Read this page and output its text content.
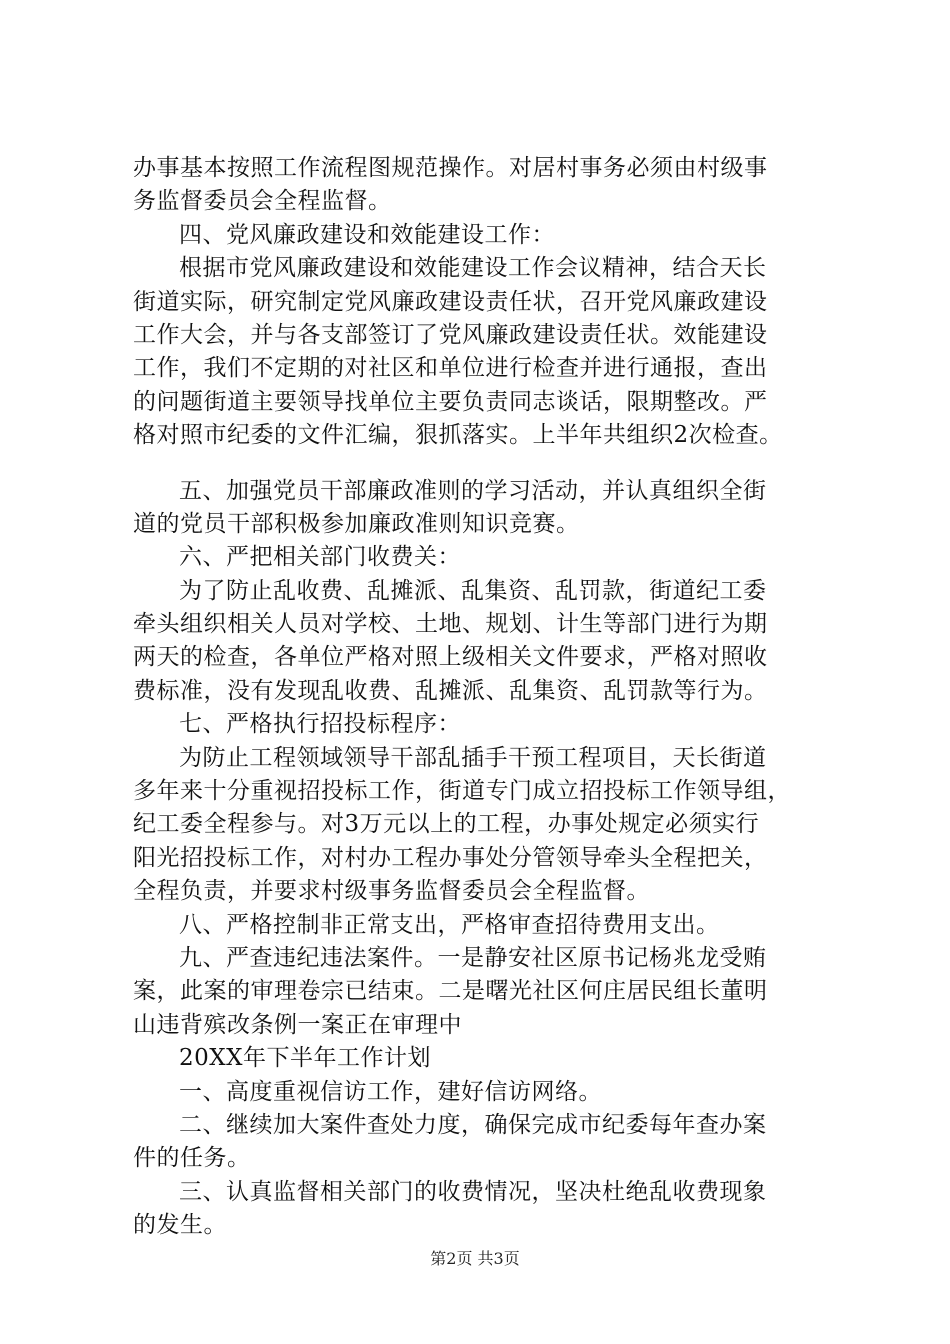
办事基本按照工作流程图规范操作。对居村事务必须由村级事
务监督委员会全程监督。
四、党风廉政建设和效能建设工作：
根据市党风廉政建设和效能建设工作会议精神，结合天长
街道实际，研究制定党风廉政建设责任状，召开党风廉政建设
工作大会，并与各支部签订了党风廉政建设责任状。效能建设
工作，我们不定期的对社区和单位进行检查并进行通报，查出
的问题街道主要领导找单位主要负责同志谈话，限期整改。严
格对照市纪委的文件汇编，狠抓落实。上半年共组织2次检查。
五、加强党员干部廉政准则的学习活动，并认真组织全街
道的党员干部积极参加廉政准则知识竞赛。
六、严把相关部门收费关：
为了防止乱收费、乱摊派、乱集资、乱罚款，街道纪工委
牵头组织相关人员对学校、土地、规划、计生等部门进行为期
两天的检查，各单位严格对照上级相关文件要求，严格对照收
费标准，没有发现乱收费、乱摊派、乱集资、乱罚款等行为。
七、严格执行招投标程序：
为防止工程领域领导干部乱插手干预工程项目，天长街道
多年来十分重视招投标工作，街道专门成立招投标工作领导组，
纪工委全程参与。对3万元以上的工程，办事处规定必须实行
阳光招投标工作，对村办工程办事处分管领导牵头全程把关，
全程负责，并要求村级事务监督委员会全程监督。
八、严格控制非正常支出，严格审查招待费用支出。
九、严查违纪违法案件。一是静安社区原书记杨兆龙受贿
案，此案的审理卷宗已结束。二是曙光社区何庄居民组长董明
山违背殡改条例一案正在审理中
20XX年下半年工作计划
一、高度重视信访工作，建好信访网络。
二、继续加大案件查处力度，确保完成市纪委每年查办案
件的任务。
三、认真监督相关部门的收费情况，坚决杜绝乱收费现象
的发生。
第2页 共3页
